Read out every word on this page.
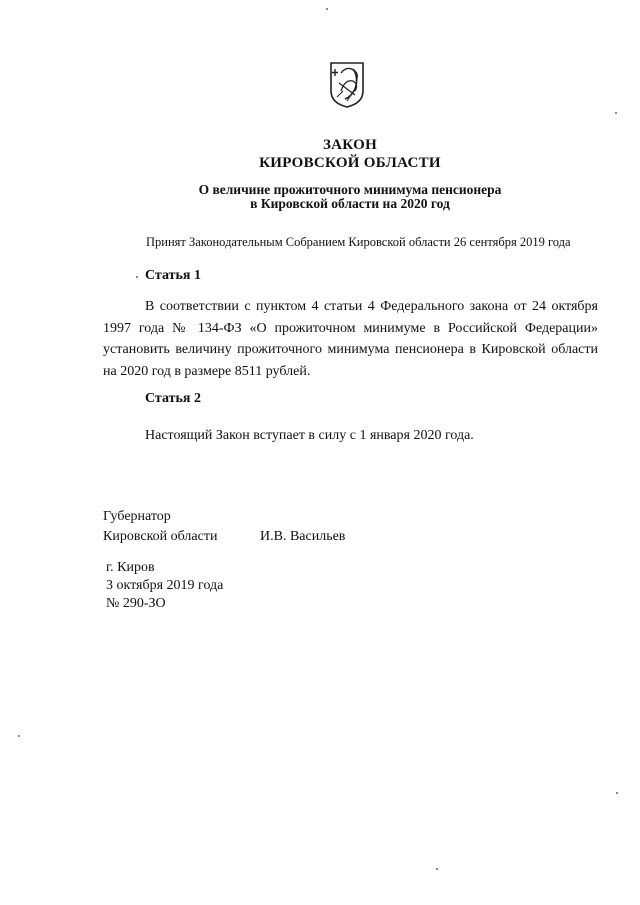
ЗАКОН
КИРОВСКОЙ ОБЛАСТИ
О величине прожиточного минимума пенсионера
в Кировской области на 2020 год
Принят Законодательным Собранием Кировской области 26 сентября 2019 года
Статья 1
В соответствии с пунктом 4 статьи 4 Федерального закона от 24 октября 1997 года № 134-ФЗ «О прожиточном минимуме в Российской Федерации» установить величину прожиточного минимума пенсионера в Кировской области на 2020 год в размере 8511 рублей.
Статья 2
Настоящий Закон вступает в силу с 1 января 2020 года.
Губернатор
Кировской области	И.В. Васильев
г. Киров
3 октября 2019 года
№ 290-ЗО
